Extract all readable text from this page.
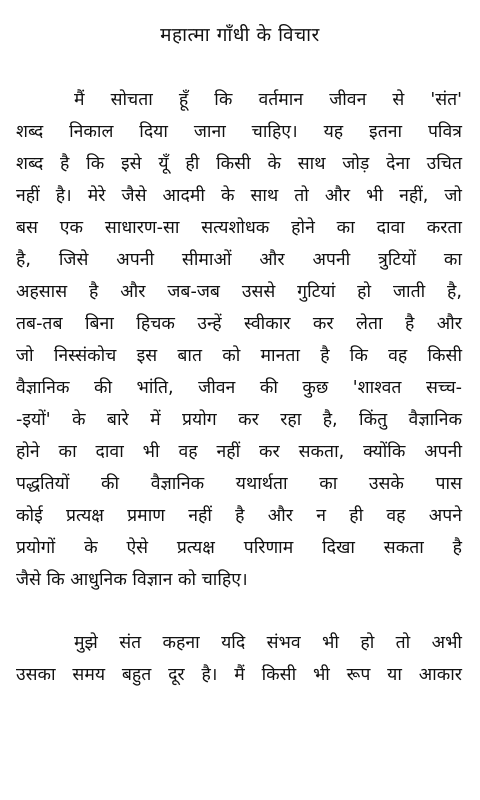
महात्मा गाँधी के विचार
मैं सोचता हूँ कि वर्तमान जीवन से 'संत'
शब्द निकाल दिया जाना चाहिए। यह इतना पवित्र
शब्द है कि इसे यूँ ही किसी के साथ जोड़ देना उचित
नहीं है। मेरे जैसे आदमी के साथ तो और भी नहीं, जो
बस एक साधारण-सा सत्यशोधक होने का दावा करता
है, जिसे अपनी सीमाओं और अपनी त्रुटियों का
अहसास है और जब-जब उससे गुटियां हो जाती है,
तब-तब बिना हिचक उन्हें स्वीकार कर लेता है और
जो निस्संकोच इस बात को मानता है कि वह किसी
वैज्ञानिक की भांति, जीवन की कुछ 'शाश्वत सच्च-
-इयों' के बारे में प्रयोग कर रहा है, किंतु वैज्ञानिक
होने का दावा भी वह नहीं कर सकता, क्योंकि अपनी
पद्धतियों की वैज्ञानिक यथार्थता का उसके पास
कोई प्रत्यक्ष प्रमाण नहीं है और न ही वह अपने
प्रयोगों के ऐसे प्रत्यक्ष परिणाम दिखा सकता है
जैसे कि आधुनिक विज्ञान को चाहिए।
मुझे संत कहना यदि संभव भी हो तो अभी
उसका समय बहुत दूर है। मैं किसी भी रूप या आकार
